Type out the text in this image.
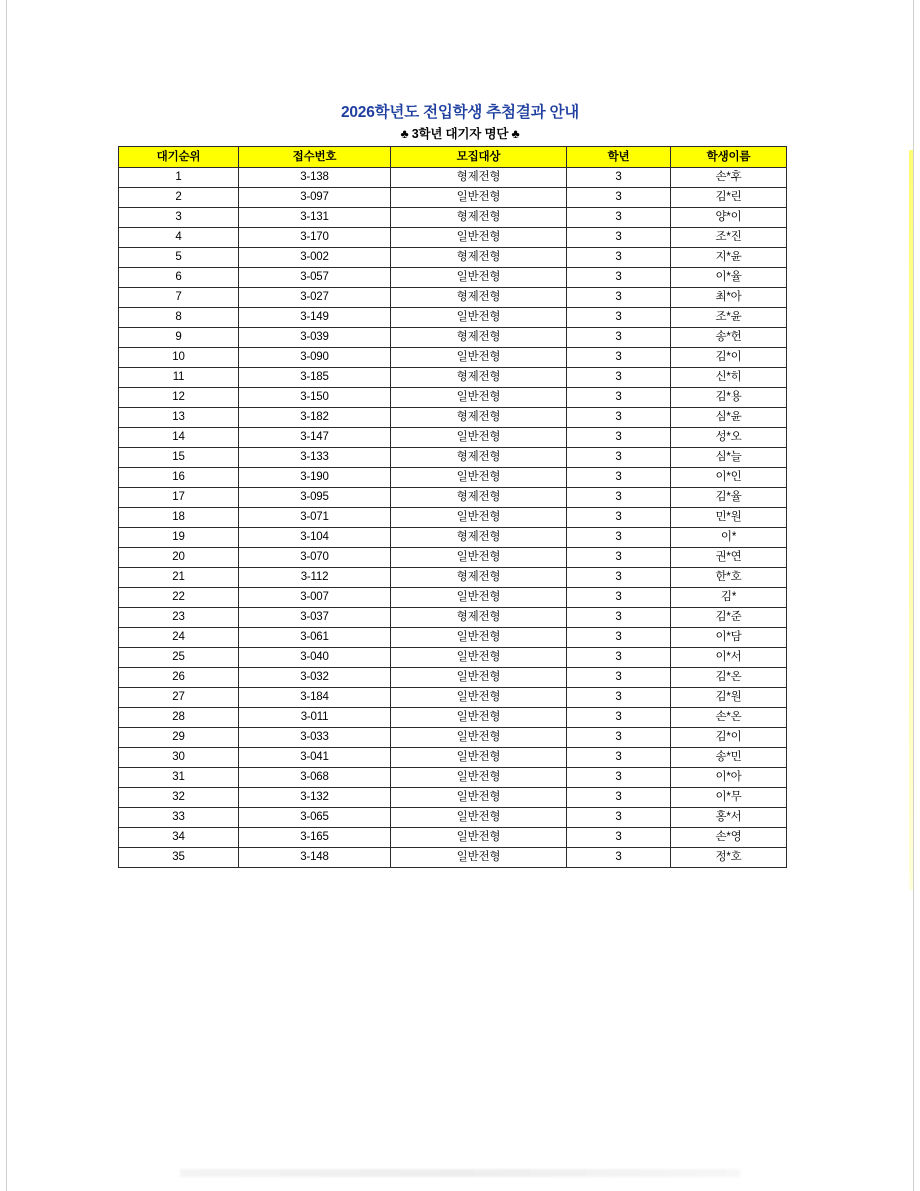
2026학년도 전입학생 추첨결과 안내
♣ 3학년 대기자 명단 ♣
대기순위	접수번호	모집대상	학년	학생이름
1	3-138	형제전형	3	손*후
2	3-097	일반전형	3	김*린
3	3-131	형제전형	3	양*이
4	3-170	일반전형	3	조*진
5	3-002	형제전형	3	지*윤
6	3-057	일반전형	3	이*율
7	3-027	형제전형	3	최*아
8	3-149	일반전형	3	조*윤
9	3-039	형제전형	3	송*헌
10	3-090	일반전형	3	김*이
11	3-185	형제전형	3	신*히
12	3-150	일반전형	3	김*용
13	3-182	형제전형	3	심*윤
14	3-147	일반전형	3	성*오
15	3-133	형제전형	3	심*늘
16	3-190	일반전형	3	이*인
17	3-095	형제전형	3	김*율
18	3-071	일반전형	3	민*원
19	3-104	형제전형	3	이*
20	3-070	일반전형	3	권*연
21	3-112	형제전형	3	한*호
22	3-007	일반전형	3	김*
23	3-037	형제전형	3	김*준
24	3-061	일반전형	3	이*담
25	3-040	일반전형	3	이*서
26	3-032	일반전형	3	김*온
27	3-184	일반전형	3	김*원
28	3-011	일반전형	3	손*온
29	3-033	일반전형	3	김*이
30	3-041	일반전형	3	송*민
31	3-068	일반전형	3	이*아
32	3-132	일반전형	3	이*무
33	3-065	일반전형	3	홍*서
34	3-165	일반전형	3	손*영
35	3-148	일반전형	3	정*호
